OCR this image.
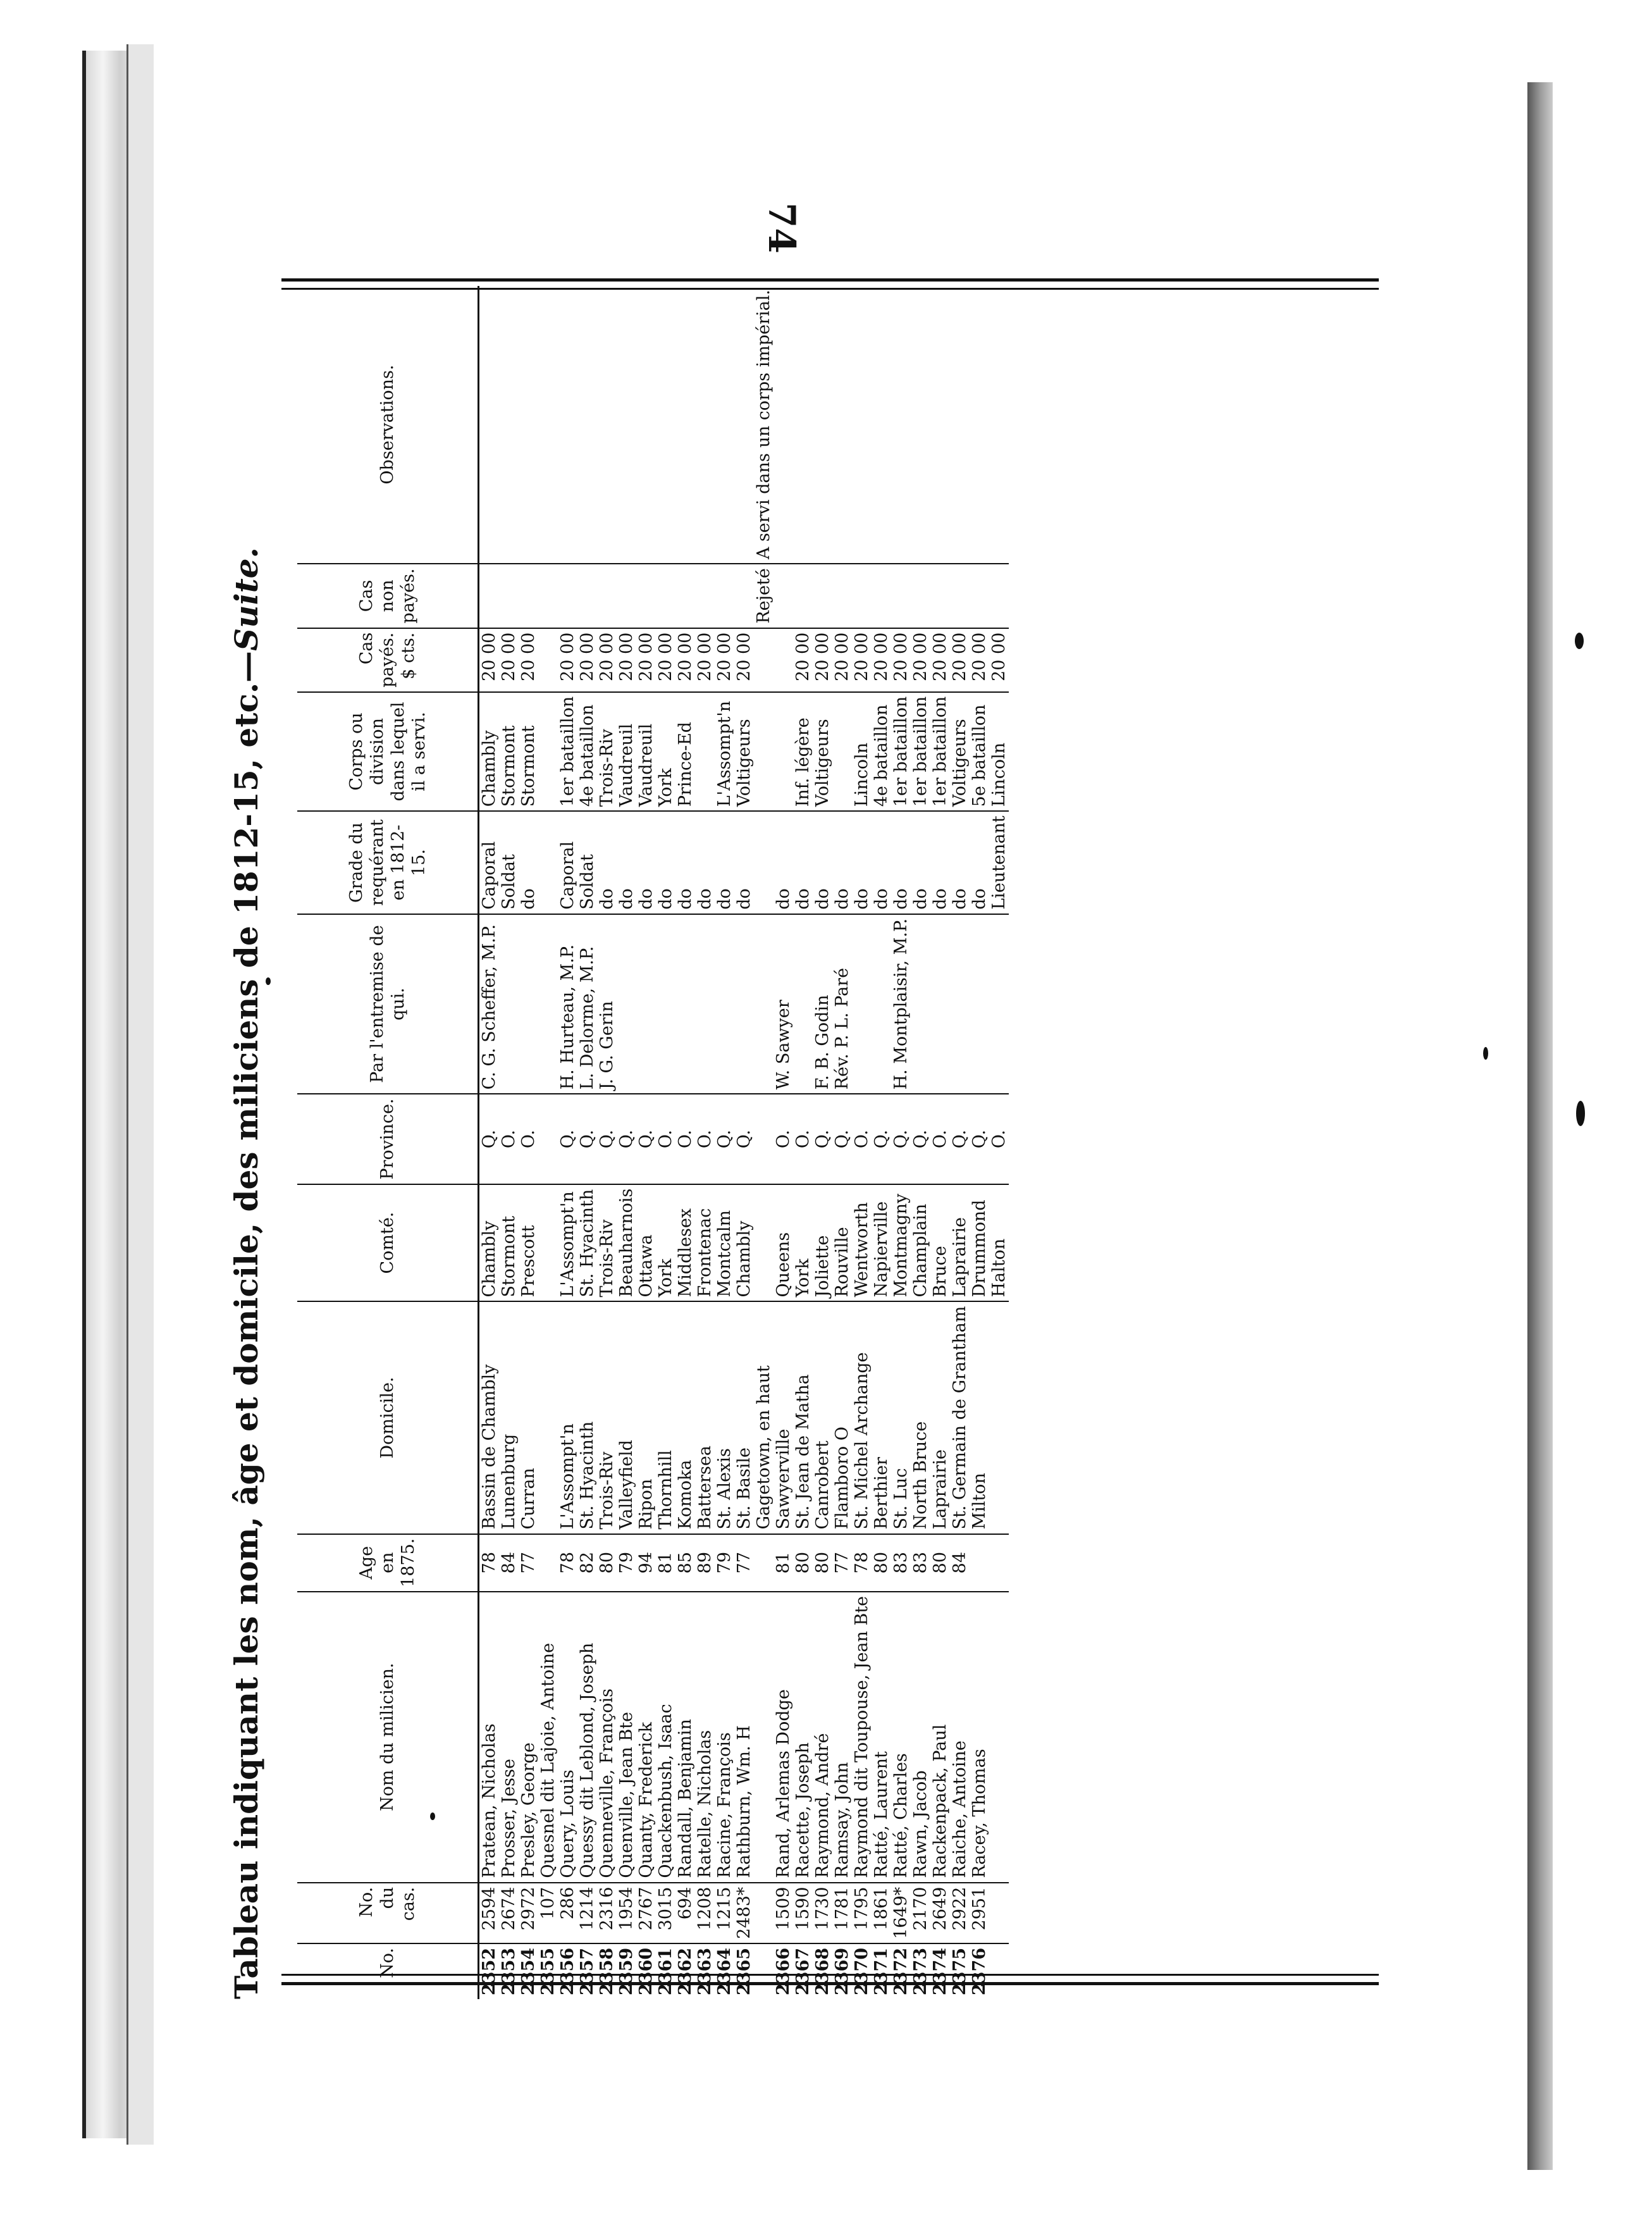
74
Tableau indiquant les nom, âge et domicile, des miliciens de 1812-15, etc.—Suite.
No.	No. du cas.	Nom du milicien.	Age en 1875.	Domicile.	Comté.	Province.	Par l'entremise de qui.	Grade du requérant en 1812-15.	Corps ou division dans lequel il a servi.	Cas payés.
$ cts.	Cas non payés.	Observations.
2352	2594	Pratean, Nicholas	78	Bassin de Chambly	Chambly	Q.	C. G. Scheffer, M.P.	Caporal	Chambly	20 00		
2353	2674	Prosser, Jesse	84	Lunenburg	Stormont	O.		Soldat	Stormont	20 00		
2354	2972	Presley, George	77	Curran	Prescott	O.		do	Stormont	20 00		
2355	107	Quesnel dit Lajoie, Antoine										
2356	286	Query, Louis	78	L'Assompt'n	L'Assompt'n	Q.	H. Hurteau, M.P.	Caporal	1er bataillon	20 00		
2357	1214	Quessy dit Leblond, Joseph	82	St. Hyacinth	St. Hyacinth	Q.	L. Delorme, M.P.	Soldat	4e bataillon	20 00		
2358	2316	Quenneville, François	80	Trois-Riv	Trois-Riv	Q.	J. G. Gerin	do	Trois-Riv	20 00		
2359	1954	Quenville, Jean Bte	79	Valleyfield	Beauharnois	Q.		do	Vaudreuil	20 00		
2360	2767	Quanty, Frederick	94	Ripon	Ottawa	Q.		do	Vaudreuil	20 00		
2361	3015	Quackenbush, Isaac	81	Thornhill	York	O.		do	York	20 00		
2362	694	Randall, Benjamin	85	Komoka	Middlesex	O.		do	Prince-Ed	20 00		
2363	1208	Ratelle, Nicholas	89	Battersea	Frontenac	O.		do		20 00		
2364	1215	Racine, François	79	St. Alexis	Montcalm	Q.		do	L'Assompt'n	20 00		
2365	2483*	Rathburn, Wm. H	77	St. Basile	Chambly	Q.		do	Voltigeurs	20 00		
				Gagetown, en haut							Rejeté	A servi dans un corps impérial.
2366	1509	Rand, Arlemas Dodge	81	Sawyerville	Queens	O.	W. Sawyer	do				
2367	1590	Racette, Joseph	80	St. Jean de Matha	York	O.		do	Inf. légère	20 00		
2368	1730	Raymond, André	80	Canrobert	Joliette	Q.	F. B. Godin	do	Voltigeurs	20 00		
2369	1781	Ramsay, John	77	Flamboro O	Rouville	Q.	Rév. P. L. Paré	do		20 00		
2370	1795	Raymond dit Toupouse, Jean Bte	78	St. Michel Archange	Wentworth	O.		do	Lincoln	20 00		
2371	1861	Ratté, Laurent	80	Berthier	Napierville	Q.		do	4e bataillon	20 00		
2372	1649*	Ratté, Charles	83	St. Luc	Montmagny	Q.	H. Montplaisir, M.P.	do	1er bataillon	20 00		
2373	2170	Rawn, Jacob	83	North Bruce	Champlain	Q.		do	1er bataillon	20 00		
2374	2649	Rackenpack, Paul	80	Laprairie	Bruce	O.		do	1er bataillon	20 00		
2375	2922	Raiche, Antoine	84	St. Germain de Grantham	Laprairie	Q.		do	Voltigeurs	20 00		
2376	2951	Racey, Thomas		Milton	Drummond	Q.		do	5e bataillon	20 00		
					Halton	O.		Lieutenant	Lincoln	20 00		
